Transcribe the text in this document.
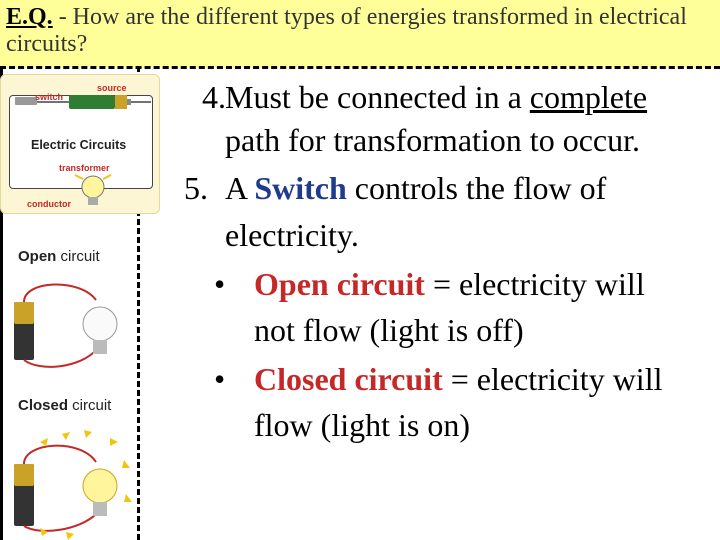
E.Q. - How are the different types of energies transformed in electrical circuits?
switch
source
transformer
conductor
Electric Circuits
Open circuit
Closed circuit
4. Must be connected in a complete
path for transformation to occur.
5. A Switch controls the flow of
electricity.
• Open circuit = electricity will
not flow (light is off)
• Closed circuit = electricity will
flow (light is on)
